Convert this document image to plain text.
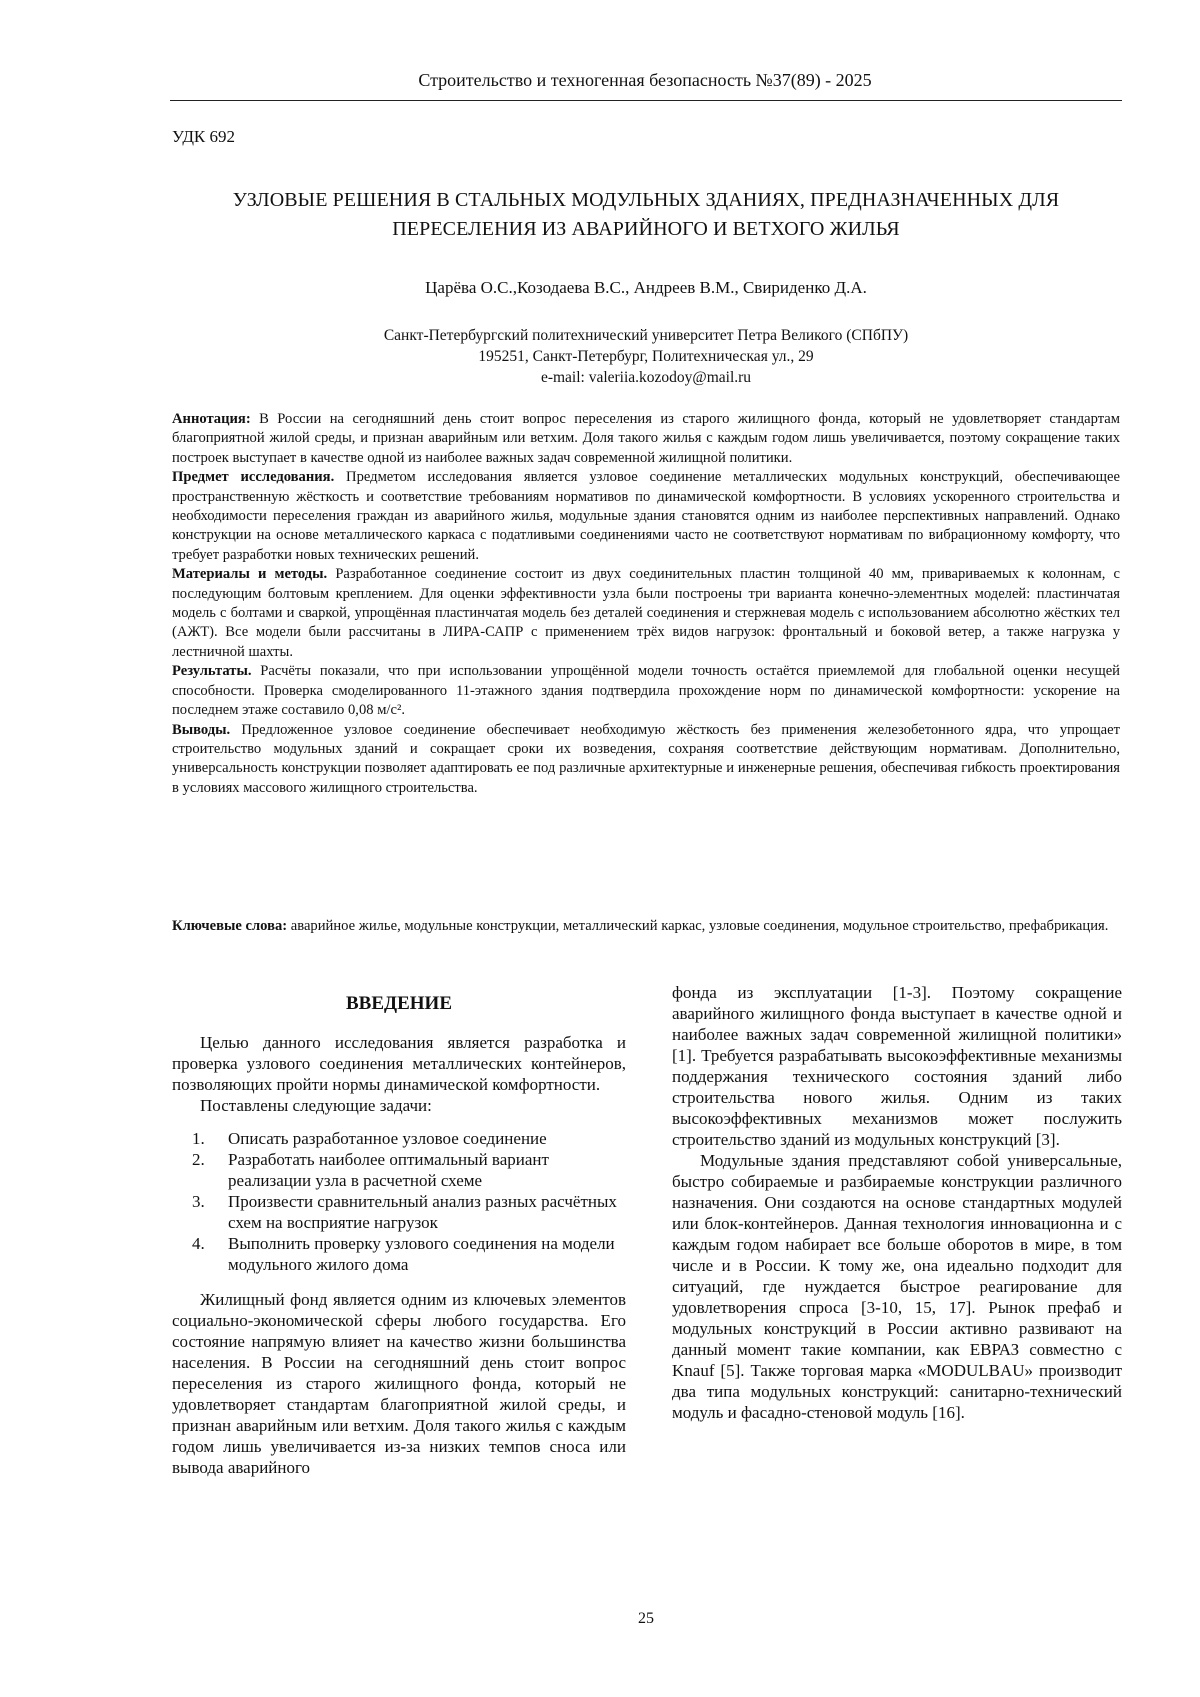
Строительство и техногенная безопасность №37(89) - 2025
УДК 692
УЗЛОВЫЕ РЕШЕНИЯ В СТАЛЬНЫХ МОДУЛЬНЫХ ЗДАНИЯХ, ПРЕДНАЗНАЧЕННЫХ ДЛЯ
ПЕРЕСЕЛЕНИЯ ИЗ АВАРИЙНОГО И ВЕТХОГО ЖИЛЬЯ
Царёва О.С.,Козодаева В.С., Андреев В.М., Свириденко Д.А.
Санкт-Петербургский политехнический университет Петра Великого (СПбПУ)
195251, Санкт-Петербург, Политехническая ул., 29
e-mail: valeriia.kozodoy@mail.ru

Аннотация: В России на сегодняшний день стоит вопрос переселения из старого жилищного фонда, который не удовлетворяет стандартам благоприятной жилой среды, и признан аварийным или ветхим. Доля такого жилья с каждым годом лишь увеличивается, поэтому сокращение таких построек выступает в качестве одной из наиболее важных задач современной жилищной политики.

Предмет исследования. Предметом исследования является узловое соединение металлических модульных конструкций, обеспечивающее пространственную жёсткость и соответствие требованиям нормативов по динамической комфортности. В условиях ускоренного строительства и необходимости переселения граждан из аварийного жилья, модульные здания становятся одним из наиболее перспективных направлений. Однако конструкции на основе металлического каркаса с податливыми соединениями часто не соответствуют нормативам по вибрационному комфорту, что требует разработки новых технических решений.

Материалы и методы. Разработанное соединение состоит из двух соединительных пластин толщиной 40 мм, привариваемых к колоннам, с последующим болтовым креплением. Для оценки эффективности узла были построены три варианта конечно-элементных моделей: пластинчатая модель с болтами и сваркой, упрощённая пластинчатая модель без деталей соединения и стержневая модель с использованием абсолютно жёстких тел (АЖТ). Все модели были рассчитаны в ЛИРА-САПР с применением трёх видов нагрузок: фронтальный и боковой ветер, а также нагрузка у лестничной шахты.

Результаты. Расчёты показали, что при использовании упрощённой модели точность остаётся приемлемой для глобальной оценки несущей способности. Проверка смоделированного 11-этажного здания подтвердила прохождение норм по динамической комфортности: ускорение на последнем этаже составило 0,08 м/с².

Выводы. Предложенное узловое соединение обеспечивает необходимую жёсткость без применения железобетонного ядра, что упрощает строительство модульных зданий и сокращает сроки их возведения, сохраняя соответствие действующим нормативам. Дополнительно, универсальность конструкции позволяет адаптировать ее под различные архитектурные и инженерные решения, обеспечивая гибкость проектирования в условиях массового жилищного строительства.

Ключевые слова: аварийное жилье, модульные конструкции, металлический каркас, узловые соединения, модульное строительство, префабрикация.

ВВЕДЕНИЕ

Целью данного исследования является разработка и проверка узлового соединения металлических контейнеров, позволяющих пройти нормы динамической комфортности.

Поставлены следующие задачи:

1.	Описать разработанное узловое соединение
2.	Разработать наиболее оптимальный вариант реализации узла в расчетной схеме
3.	Произвести сравнительный анализ разных расчётных схем на восприятие нагрузок
4.	Выполнить проверку узлового соединения на модели модульного жилого дома

Жилищный фонд является одним из ключевых элементов социально-экономической сферы любого государства. Его состояние напрямую влияет на качество жизни большинства населения. В России на сегодняшний день стоит вопрос переселения из старого жилищного фонда, который не удовлетворяет стандартам благоприятной жилой среды, и признан аварийным или ветхим. Доля такого жилья с каждым годом лишь увеличивается из-за низких темпов сноса или вывода аварийного

фонда из эксплуатации [1-3]. Поэтому сокращение аварийного жилищного фонда выступает в качестве одной и наиболее важных задач современной жилищной политики» [1]. Требуется разрабатывать высокоэффективные механизмы поддержания технического состояния зданий либо строительства нового жилья. Одним из таких высокоэффективных механизмов может послужить строительство зданий из модульных конструкций [3].

Модульные здания представляют собой универсальные, быстро собираемые и разбираемые конструкции различного назначения. Они создаются на основе стандартных модулей или блок-контейнеров. Данная технология инновационна и с каждым годом набирает все больше оборотов в мире, в том числе и в России. К тому же, она идеально подходит для ситуаций, где нуждается быстрое реагирование для удовлетворения спроса [3-10, 15, 17]. Рынок префаб и модульных конструкций в России активно развивают на данный момент такие компании, как ЕВРАЗ совместно с Knauf [5]. Также торговая марка «MODULBAU» производит два типа модульных конструкций: санитарно-технический модуль и фасадно-стеновой модуль [16].

25
